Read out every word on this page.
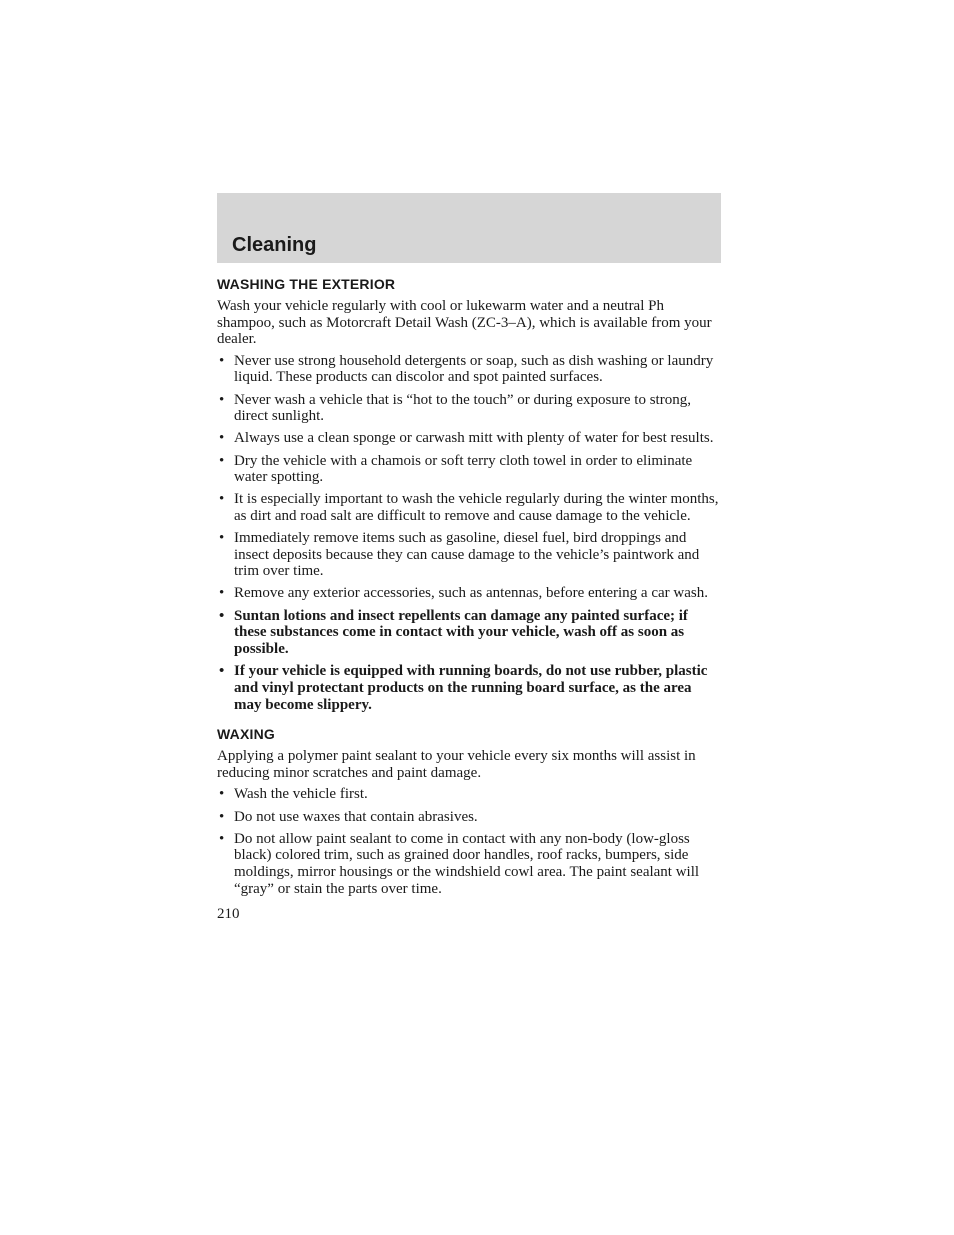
Cleaning
WASHING THE EXTERIOR

Wash your vehicle regularly with cool or lukewarm water and a neutral Ph shampoo, such as Motorcraft Detail Wash (ZC-3–A), which is available from your dealer.

• Never use strong household detergents or soap, such as dish washing or laundry liquid. These products can discolor and spot painted surfaces.
• Never wash a vehicle that is “hot to the touch” or during exposure to strong, direct sunlight.
• Always use a clean sponge or carwash mitt with plenty of water for best results.
• Dry the vehicle with a chamois or soft terry cloth towel in order to eliminate water spotting.
• It is especially important to wash the vehicle regularly during the winter months, as dirt and road salt are difficult to remove and cause damage to the vehicle.
• Immediately remove items such as gasoline, diesel fuel, bird droppings and insect deposits because they can cause damage to the vehicle’s paintwork and trim over time.
• Remove any exterior accessories, such as antennas, before entering a car wash.
• Suntan lotions and insect repellents can damage any painted surface; if these substances come in contact with your vehicle, wash off as soon as possible.
• If your vehicle is equipped with running boards, do not use rubber, plastic and vinyl protectant products on the running board surface, as the area may become slippery.
WAXING

Applying a polymer paint sealant to your vehicle every six months will assist in reducing minor scratches and paint damage.

• Wash the vehicle first.
• Do not use waxes that contain abrasives.
• Do not allow paint sealant to come in contact with any non-body (low-gloss black) colored trim, such as grained door handles, roof racks, bumpers, side moldings, mirror housings or the windshield cowl area. The paint sealant will “gray” or stain the parts over time.
210
